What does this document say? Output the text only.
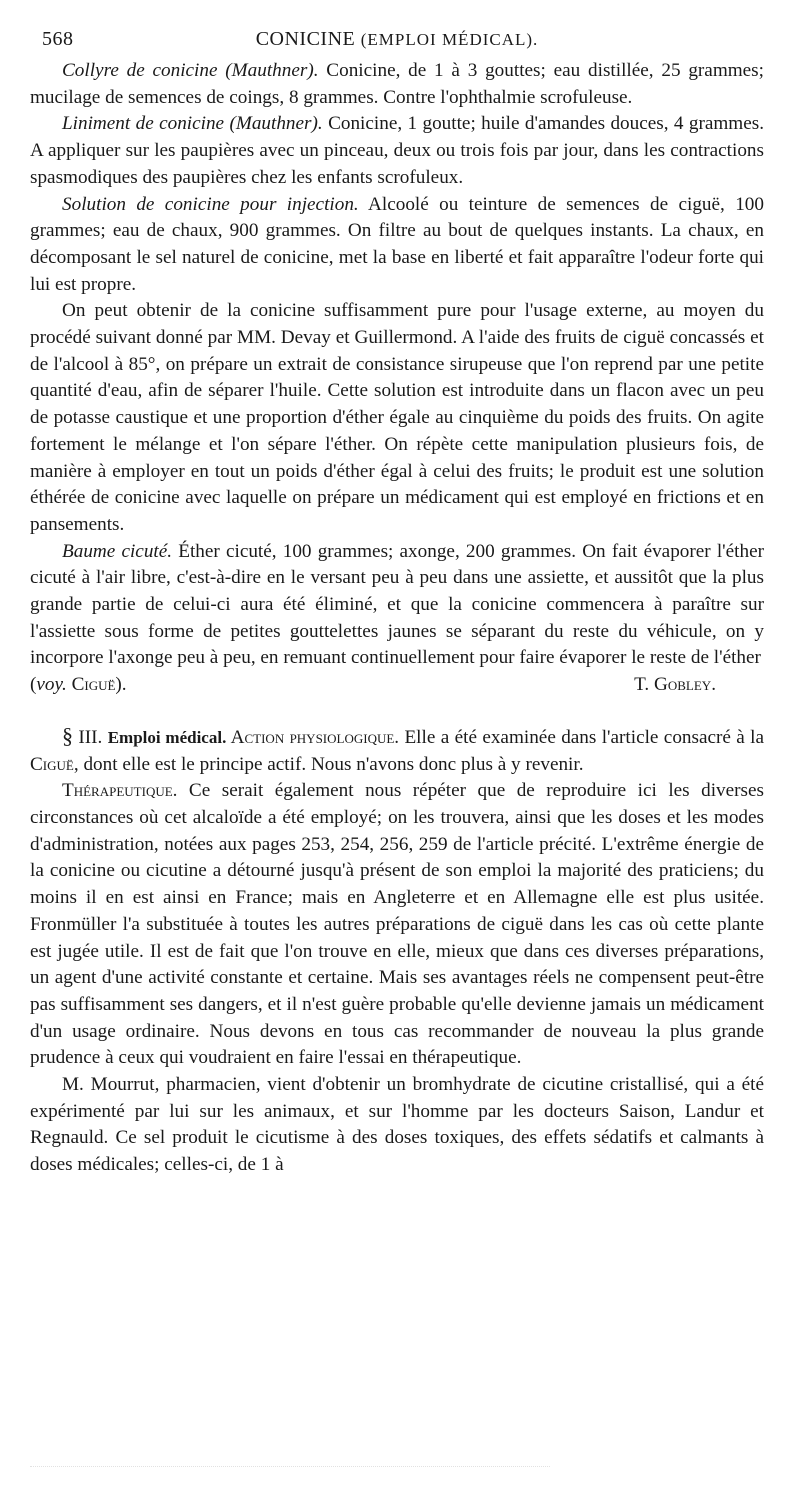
568	CONICINE (EMPLOI MÉDICAL).

Collyre de conicine (Mauthner). Conicine, de 1 à 3 gouttes; eau distillée, 25 grammes; mucilage de semences de coings, 8 grammes. Contre l'ophthalmie scrofuleuse.

Liniment de conicine (Mauthner). Conicine, 1 goutte; huile d'amandes douces, 4 grammes. A appliquer sur les paupières avec un pinceau, deux ou trois fois par jour, dans les contractions spasmodiques des paupières chez les enfants scrofuleux.

Solution de conicine pour injection. Alcoolé ou teinture de semences de ciguë, 100 grammes; eau de chaux, 900 grammes. On filtre au bout de quelques instants. La chaux, en décomposant le sel naturel de conicine, met la base en liberté et fait apparaître l'odeur forte qui lui est propre.

On peut obtenir de la conicine suffisamment pure pour l'usage externe, au moyen du procédé suivant donné par MM. Devay et Guillermond. A l'aide des fruits de ciguë concassés et de l'alcool à 85°, on prépare un extrait de consistance sirupeuse que l'on reprend par une petite quantité d'eau, afin de séparer l'huile. Cette solution est introduite dans un flacon avec un peu de potasse caustique et une proportion d'éther égale au cinquième du poids des fruits. On agite fortement le mélange et l'on sépare l'éther. On répète cette manipulation plusieurs fois, de manière à employer en tout un poids d'éther égal à celui des fruits; le produit est une solution éthérée de conicine avec laquelle on prépare un médicament qui est employé en frictions et en pansements.

Baume cicuté. Éther cicuté, 100 grammes; axonge, 200 grammes. On fait évaporer l'éther cicuté à l'air libre, c'est-à-dire en le versant peu à peu dans une assiette, et aussitôt que la plus grande partie de celui-ci aura été éliminé, et que la conicine commencera à paraître sur l'assiette sous forme de petites gouttelettes jaunes se séparant du reste du véhicule, on y incorpore l'axonge peu à peu, en remuant continuellement pour faire évaporer le reste de l'éther

(voy. Ciguë).	T. Gobley.

§ III. Emploi médical. Action physiologique. Elle a été examinée dans l'article consacré à la Ciguë, dont elle est le principe actif. Nous n'avons donc plus à y revenir.

Thérapeutique. Ce serait également nous répéter que de reproduire ici les diverses circonstances où cet alcaloïde a été employé; on les trouvera, ainsi que les doses et les modes d'administration, notées aux pages 253, 254, 256, 259 de l'article précité. L'extrême énergie de la conicine ou cicutine a détourné jusqu'à présent de son emploi la majorité des praticiens; du moins il en est ainsi en France; mais en Angleterre et en Allemagne elle est plus usitée. Fronmüller l'a substituée à toutes les autres préparations de ciguë dans les cas où cette plante est jugée utile. Il est de fait que l'on trouve en elle, mieux que dans ces diverses préparations, un agent d'une activité constante et certaine. Mais ses avantages réels ne compensent peut-être pas suffisamment ses dangers, et il n'est guère probable qu'elle devienne jamais un médicament d'un usage ordinaire. Nous devons en tous cas recommander de nouveau la plus grande prudence à ceux qui voudraient en faire l'essai en thérapeutique.

M. Mourrut, pharmacien, vient d'obtenir un bromhydrate de cicutine cristallisé, qui a été expérimenté par lui sur les animaux, et sur l'homme par les docteurs Saison, Landur et Regnauld. Ce sel produit le cicutisme à des doses toxiques, des effets sédatifs et calmants à doses médicales; celles-ci, de 1 à
